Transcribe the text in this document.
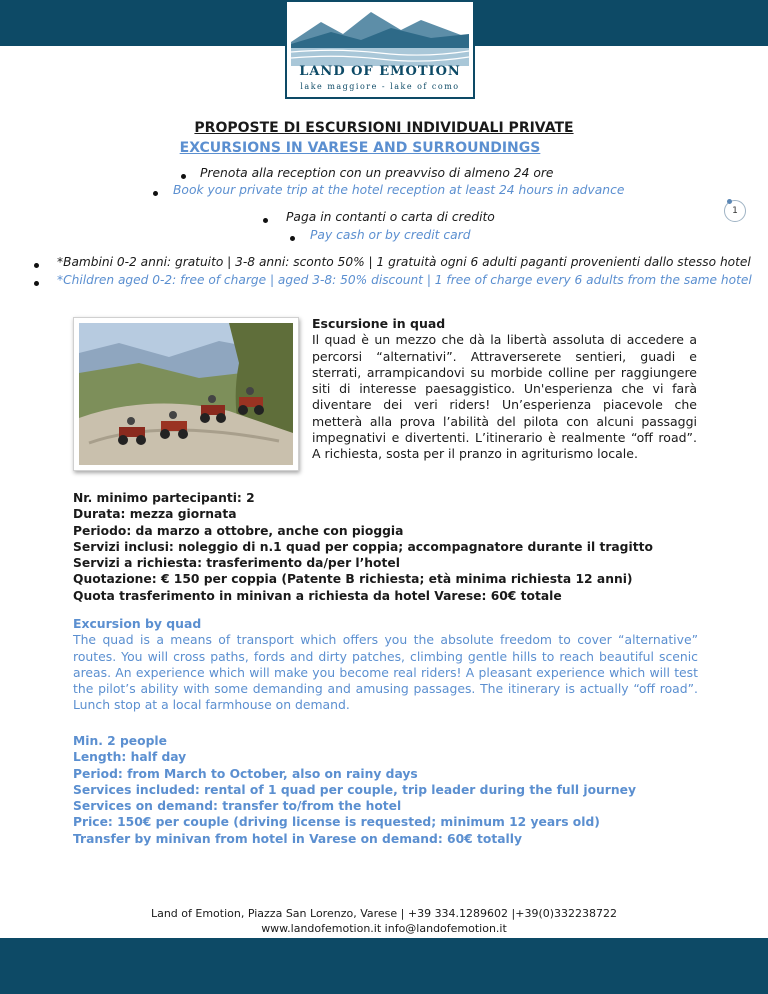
LAND OF EMOTION
lake maggiore - lake of como
1
PROPOSTE DI ESCURSIONI INDIVIDUALI PRIVATE
EXCURSIONS IN VARESE AND SURROUNDINGS
Prenota alla reception con un preavviso di almeno 24 ore
Book your private trip at the hotel reception at least 24 hours in advance
Paga in contanti o carta di credito
Pay cash or by credit card
*Bambini 0-2 anni: gratuito | 3-8 anni: sconto 50% | 1 gratuità ogni 6 adulti paganti provenienti dallo stesso hotel
*Children aged 0-2: free of charge | aged 3-8: 50% discount | 1 free of charge every 6 adults from the same hotel
Escursione in quad
Il quad è un mezzo che dà la libertà assoluta di accedere a percorsi “alternativi”. Attraverserete sentieri, guadi e sterrati, arrampicandovi su morbide colline per raggiungere siti di interesse paesaggistico. Un'esperienza che vi farà diventare dei veri riders! Un’esperienza piacevole che metterà alla prova l’abilità del pilota con alcuni passaggi impegnativi e divertenti. L’itinerario è realmente “off road”. A richiesta, sosta per il pranzo in agriturismo locale.
Nr. minimo partecipanti: 2
Durata: mezza giornata
Periodo: da marzo a ottobre, anche con pioggia
Servizi inclusi: noleggio di n.1 quad per coppia; accompagnatore durante il tragitto
Servizi a richiesta: trasferimento da/per l’hotel
Quotazione: € 150 per coppia (Patente B richiesta; età minima richiesta 12 anni)
Quota trasferimento in minivan a richiesta da hotel Varese: 60€ totale
Excursion by quad
The quad is a means of transport which offers you the absolute freedom to cover “alternative” routes. You will cross paths, fords and dirty patches, climbing gentle hills to reach beautiful scenic areas. An experience which will make you become real riders! A pleasant experience which will test the pilot’s ability with some demanding and amusing passages. The itinerary is actually “off road”. Lunch stop at a local farmhouse on demand.
Min. 2 people
Length: half day
Period: from March to October, also on rainy days
Services included: rental of 1 quad per couple, trip leader during the full journey
Services on demand: transfer to/from the hotel
Price: 150€ per couple (driving license is requested; minimum 12 years old)
Transfer by minivan from hotel in Varese on demand: 60€ totally
Land of Emotion, Piazza San Lorenzo, Varese | +39 334.1289602 |+39(0)332238722
www.landofemotion.it info@landofemotion.it
